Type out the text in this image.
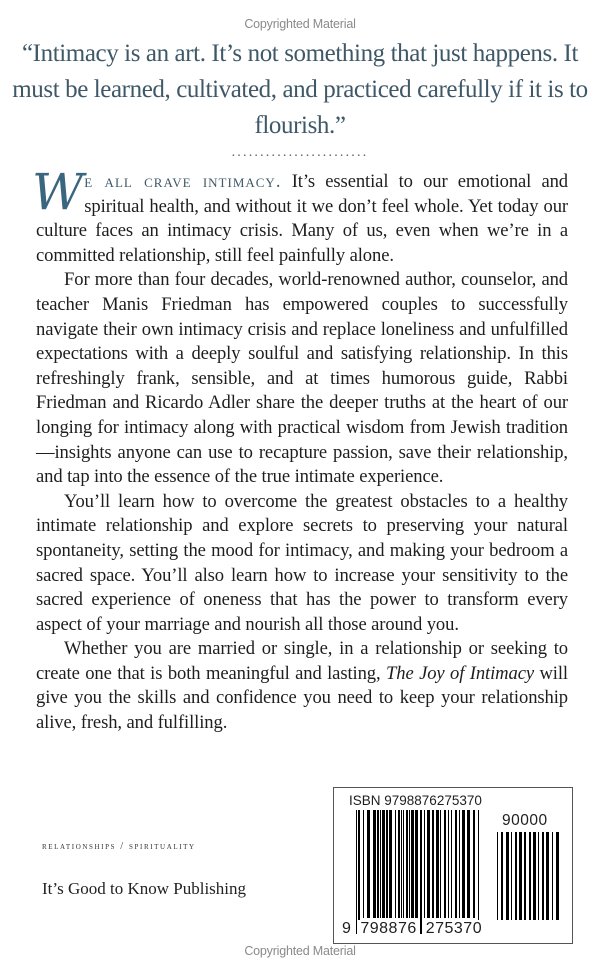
Copyrighted Material
“Intimacy is an art. It’s not something that just happens. It must be learned, cultivated, and practiced carefully if it is to flourish.”
........................

We all crave intimacy. It’s essential to our emotional and spiritual health, and without it we don’t feel whole. Yet today our culture faces an intimacy crisis. Many of us, even when we’re in a committed relationship, still feel painfully alone.

For more than four decades, world-renowned author, counselor, and teacher Manis Friedman has empowered couples to successfully navigate their own intimacy crisis and replace loneliness and unfulfilled expectations with a deeply soulful and satisfying relationship. In this refreshingly frank, sensible, and at times humorous guide, Rabbi Friedman and Ricardo Adler share the deeper truths at the heart of our longing for intimacy along with practical wisdom from Jewish tradition—insights anyone can use to recapture passion, save their relationship, and tap into the essence of the true intimate experience.

You’ll learn how to overcome the greatest obstacles to a healthy intimate relationship and explore secrets to preserving your natural spontaneity, setting the mood for intimacy, and making your bedroom a sacred space. You’ll also learn how to increase your sensitivity to the sacred experience of oneness that has the power to transform every aspect of your marriage and nourish all those around you.

Whether you are married or single, in a relationship or seeking to create one that is both meaningful and lasting, The Joy of Intimacy will give you the skills and confidence you need to keep your relationship alive, fresh, and fulfilling.

relationships / spirituality
It’s Good to Know Publishing
ISBN 9798876275370
90000
9 798876 275370
Copyrighted Material
